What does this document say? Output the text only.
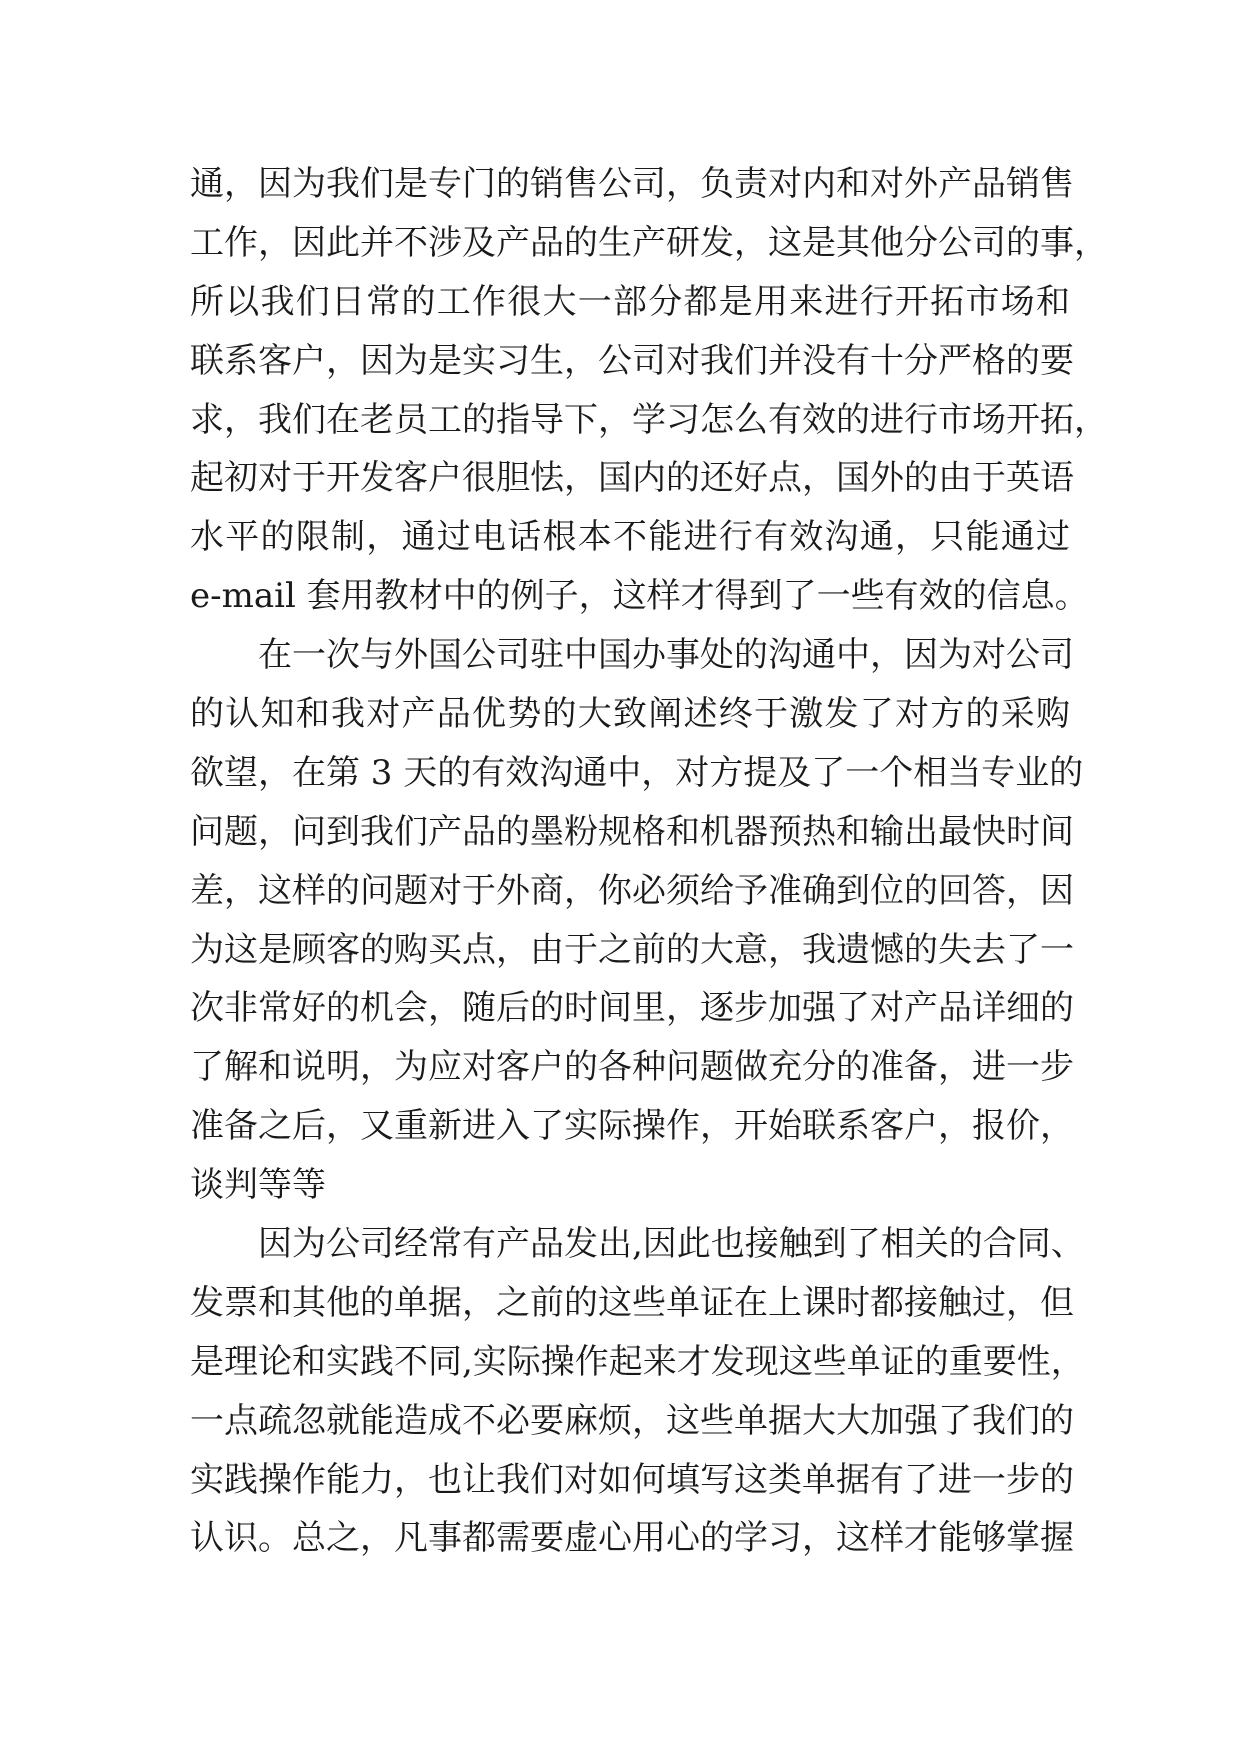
通，因为我们是专门的销售公司，负责对内和对外产品销售
工作，因此并不涉及产品的生产研发，这是其他分公司的事，
所以我们日常的工作很大一部分都是用来进行开拓市场和
联系客户，因为是实习生，公司对我们并没有十分严格的要
求，我们在老员工的指导下，学习怎么有效的进行市场开拓，
起初对于开发客户很胆怯，国内的还好点，国外的由于英语
水平的限制，通过电话根本不能进行有效沟通，只能通过
e-mail 套用教材中的例子，这样才得到了一些有效的信息。
在一次与外国公司驻中国办事处的沟通中，因为对公司
的认知和我对产品优势的大致阐述终于激发了对方的采购
欲望，在第 3 天的有效沟通中，对方提及了一个相当专业的
问题，问到我们产品的墨粉规格和机器预热和输出最快时间
差，这样的问题对于外商，你必须给予准确到位的回答，因
为这是顾客的购买点，由于之前的大意，我遗憾的失去了一
次非常好的机会，随后的时间里，逐步加强了对产品详细的
了解和说明，为应对客户的各种问题做充分的准备，进一步
准备之后，又重新进入了实际操作，开始联系客户，报价，
谈判等等
因为公司经常有产品发出,因此也接触到了相关的合同、
发票和其他的单据，之前的这些单证在上课时都接触过，但
是理论和实践不同,实际操作起来才发现这些单证的重要性，
一点疏忽就能造成不必要麻烦，这些单据大大加强了我们的
实践操作能力，也让我们对如何填写这类单据有了进一步的
认识。总之，凡事都需要虚心用心的学习，这样才能够掌握
